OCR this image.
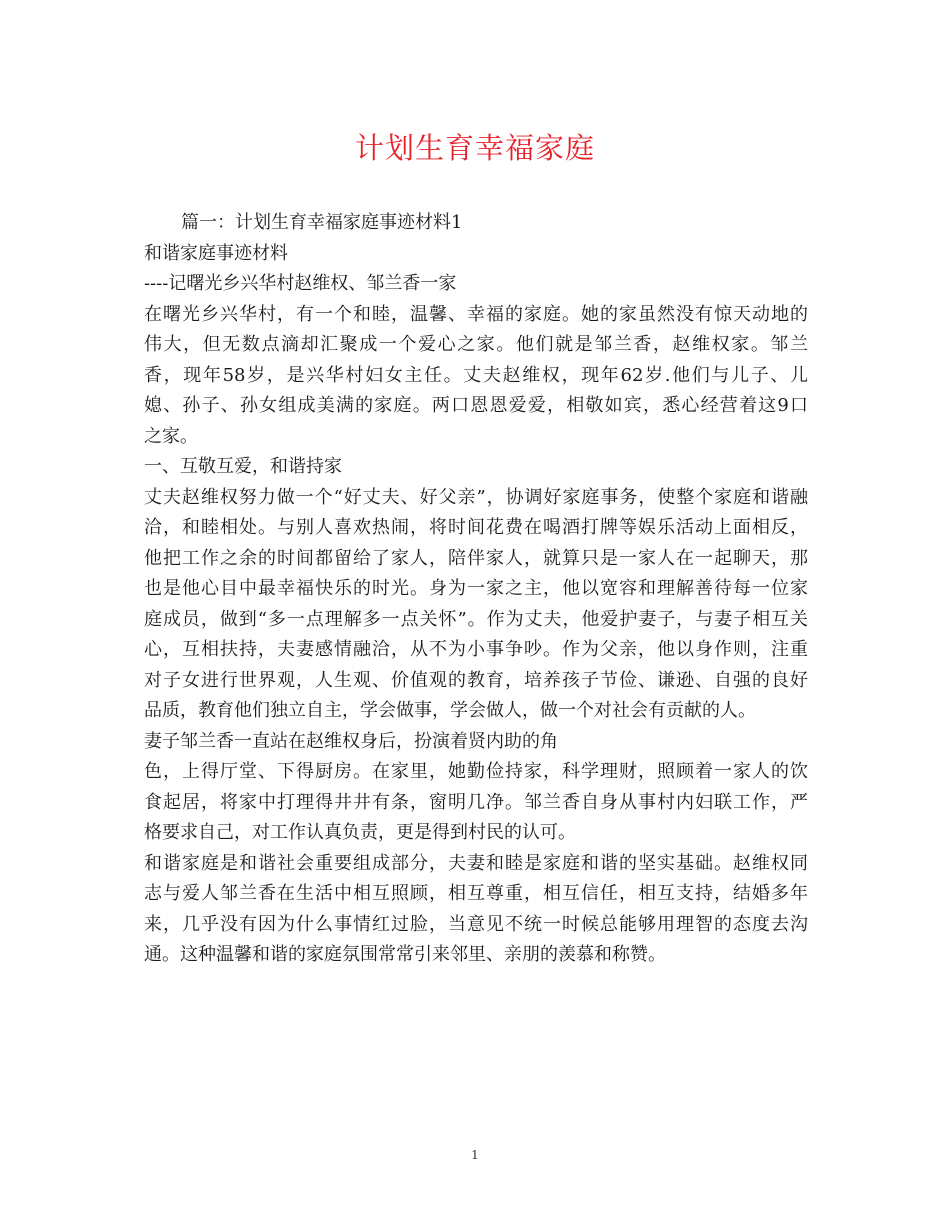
计划生育幸福家庭
篇一：计划生育幸福家庭事迹材料1
和谐家庭事迹材料
----记曙光乡兴华村赵维权、邹兰香一家
在曙光乡兴华村，有一个和睦，温馨、幸福的家庭。她的家虽然没有惊天动地的
伟大，但无数点滴却汇聚成一个爱心之家。他们就是邹兰香，赵维权家。邹兰
香，现年58岁，是兴华村妇女主任。丈夫赵维权，现年62岁.他们与儿子、儿
媳、孙子、孙女组成美满的家庭。两口恩恩爱爱，相敬如宾，悉心经营着这9口
之家。
一、互敬互爱，和谐持家
丈夫赵维权努力做一个“好丈夫、好父亲”，协调好家庭事务，使整个家庭和谐融
洽，和睦相处。与别人喜欢热闹，将时间花费在喝酒打牌等娱乐活动上面相反，
他把工作之余的时间都留给了家人，陪伴家人，就算只是一家人在一起聊天，那
也是他心目中最幸福快乐的时光。身为一家之主，他以宽容和理解善待每一位家
庭成员，做到“多一点理解多一点关怀”。作为丈夫，他爱护妻子，与妻子相互关
心，互相扶持，夫妻感情融洽，从不为小事争吵。作为父亲，他以身作则，注重
对子女进行世界观，人生观、价值观的教育，培养孩子节俭、谦逊、自强的良好
品质，教育他们独立自主，学会做事，学会做人，做一个对社会有贡献的人。
妻子邹兰香一直站在赵维权身后，扮演着贤内助的角
色，上得厅堂、下得厨房。在家里，她勤俭持家，科学理财，照顾着一家人的饮
食起居，将家中打理得井井有条，窗明几净。邹兰香自身从事村内妇联工作，严
格要求自己，对工作认真负责，更是得到村民的认可。
和谐家庭是和谐社会重要组成部分，夫妻和睦是家庭和谐的坚实基础。赵维权同
志与爱人邹兰香在生活中相互照顾，相互尊重，相互信任，相互支持，结婚多年
来，几乎没有因为什么事情红过脸，当意见不统一时候总能够用理智的态度去沟
通。这种温馨和谐的家庭氛围常常引来邻里、亲朋的羡慕和称赞。
1
